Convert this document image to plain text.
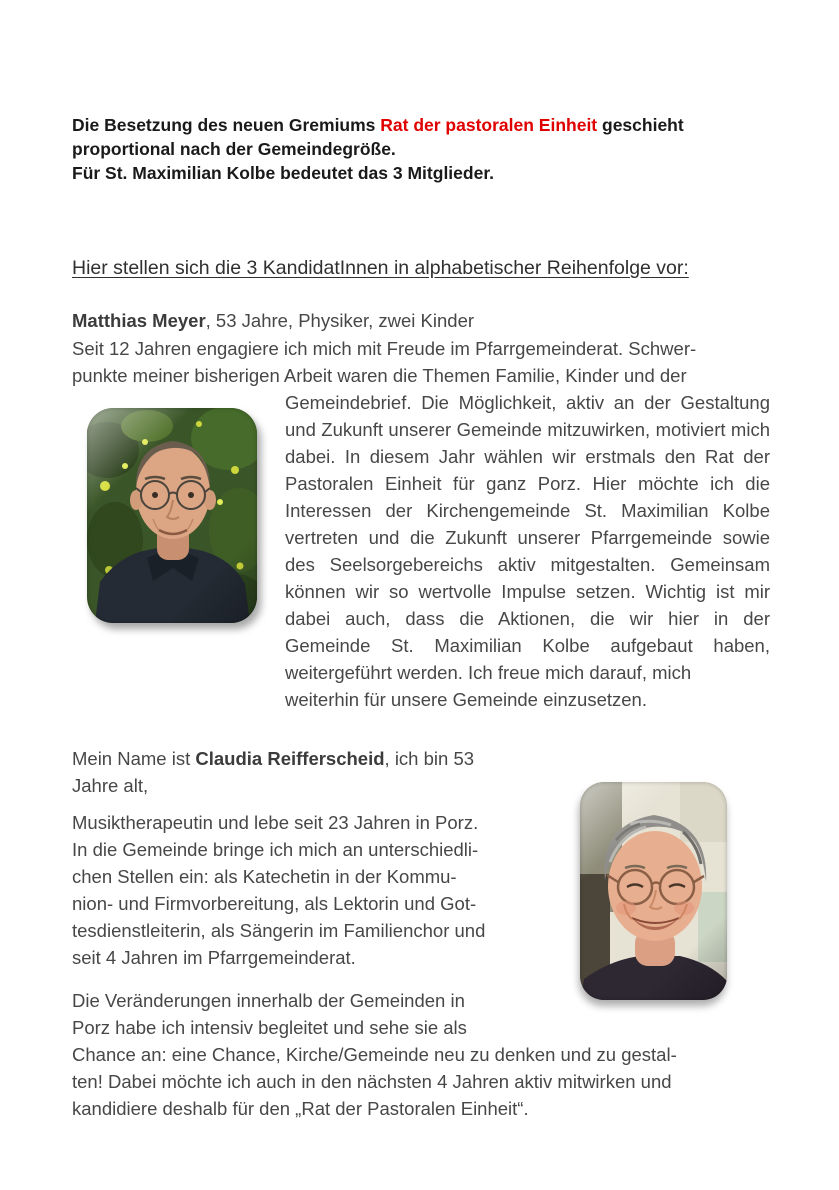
Die Besetzung des neuen Gremiums Rat der pastoralen Einheit geschieht
proportional nach der Gemeindegröße.
Für St. Maximilian Kolbe bedeutet das 3 Mitglieder.
Hier stellen sich die 3 KandidatInnen in alphabetischer Reihenfolge vor:
Matthias Meyer, 53 Jahre, Physiker, zwei Kinder
Seit 12 Jahren engagiere ich mich mit Freude im Pfarrgemeinderat. Schwer-
punkte meiner bisherigen Arbeit waren die Themen Familie, Kinder und der
Gemeindebrief. Die Möglichkeit, aktiv an der Gestaltung und Zukunft unserer Gemeinde mitzuwirken, motiviert mich dabei. In diesem Jahr wählen wir erstmals den Rat der Pastoralen Einheit für ganz Porz. Hier möchte ich die Interessen der Kirchengemeinde St. Maximilian Kolbe vertreten und die Zukunft unserer Pfarrgemeinde sowie des Seelsorgebereichs aktiv mitgestalten. Gemeinsam können wir so wertvolle Impulse setzen. Wichtig ist mir dabei auch, dass die Aktionen, die wir hier in der Gemeinde St. Maximilian Kolbe aufgebaut haben, weitergeführt werden. Ich freue mich darauf, mich
weiterhin für unsere Gemeinde einzusetzen.
Mein Name ist Claudia Reifferscheid, ich bin 53
Jahre alt,
Musiktherapeutin und lebe seit 23 Jahren in Porz.
In die Gemeinde bringe ich mich an unterschiedli-
chen Stellen ein: als Katechetin in der Kommu-
nion- und Firmvorbereitung, als Lektorin und Got-
tesdienstleiterin, als Sängerin im Familienchor und
seit 4 Jahren im Pfarrgemeinderat.
Die Veränderungen innerhalb der Gemeinden in
Porz habe ich intensiv begleitet und sehe sie als
Chance an: eine Chance, Kirche/Gemeinde neu zu denken und zu gestal-
ten! Dabei möchte ich auch in den nächsten 4 Jahren aktiv mitwirken und
kandidiere deshalb für den „Rat der Pastoralen Einheit“.
